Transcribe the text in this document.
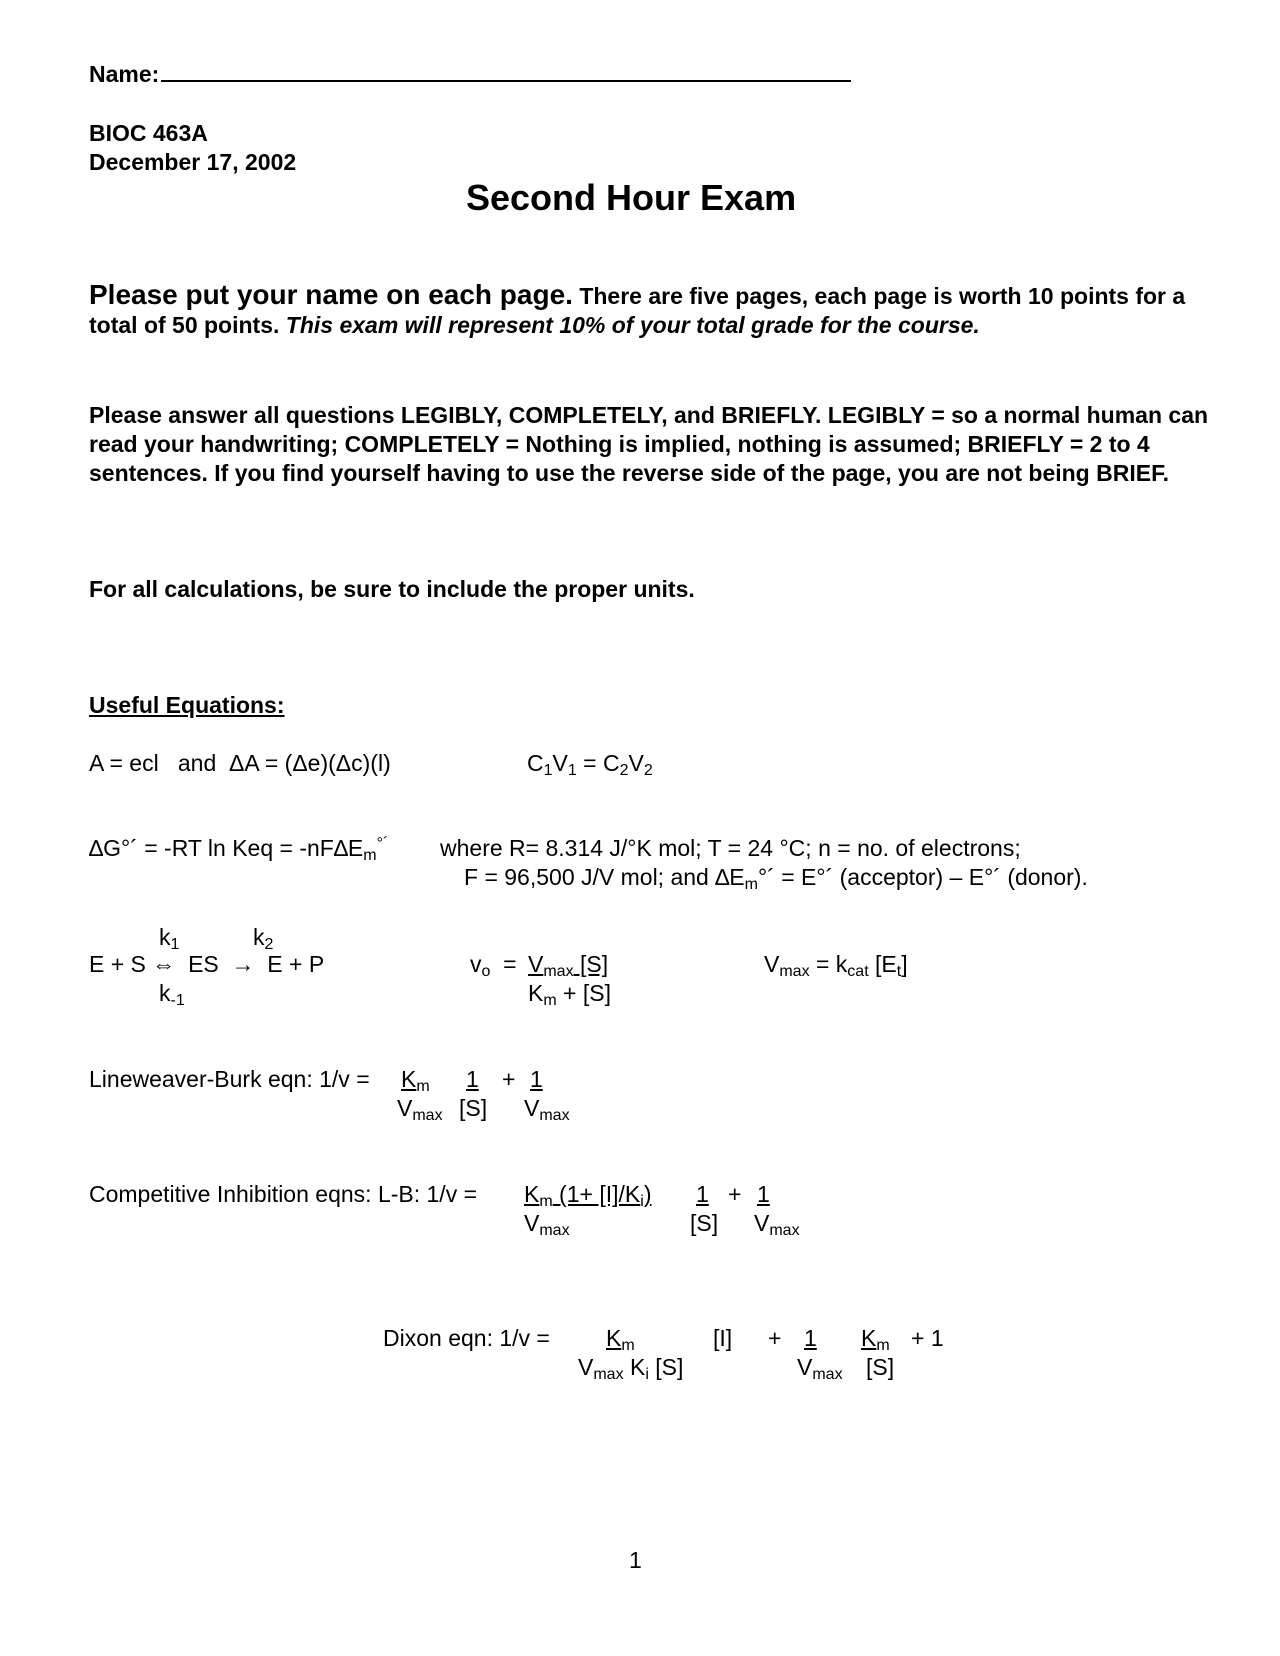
Name:
BIOC 463A
December 17, 2002
Second Hour Exam
Please put your name on each page. There are five pages, each page is worth 10 points for a total of 50 points. This exam will represent 10% of your total grade for the course.
Please answer all questions LEGIBLY, COMPLETELY, and BRIEFLY. LEGIBLY = so a normal human can read your handwriting; COMPLETELY = Nothing is implied, nothing is assumed; BRIEFLY = 2 to 4 sentences. If you find yourself having to use the reverse side of the page, you are not being BRIEF.
For all calculations, be sure to include the proper units.
Useful Equations:
A = ecl   and  ΔA = (Δe)(Δc)(l)	$C_1V_1 = C_2V_2$
∆G°´ = -RT ln Keq = $-nF\Delta E_m^{^\circ´}$ where R= 8.314 J/°K mol; T = 24 °C; n = no. of electrons;
F = 96,500 J/V mol; and $\Delta E_m^\circ´$ = E°´ (acceptor) – E°´ (donor).
$k_1$	$k_2$
E + S ⇔  ES  →  E + P
$k_{-1}$
$v_o = V_{max}$ [S]
$K_m + [S]$
$V_{max} = k_{cat}$ $[E_t]$
Lineweaver-Burk eqn: $1/v = K_m$ 1 + 1
$V_{max}$ [S] $V_{max}$
Competitive Inhibition eqns: L-B: $1/v = K_m$ $(1+ [I]/K_i)$ 1 + 1
$V_{max}$	[S] $V_{max}$
Dixon eqn: $1/v = K_m$	[I] + 1 $K_m + 1$
$V_{max}$ $K_i$ [S]	$V_{max}$ [S]
1
